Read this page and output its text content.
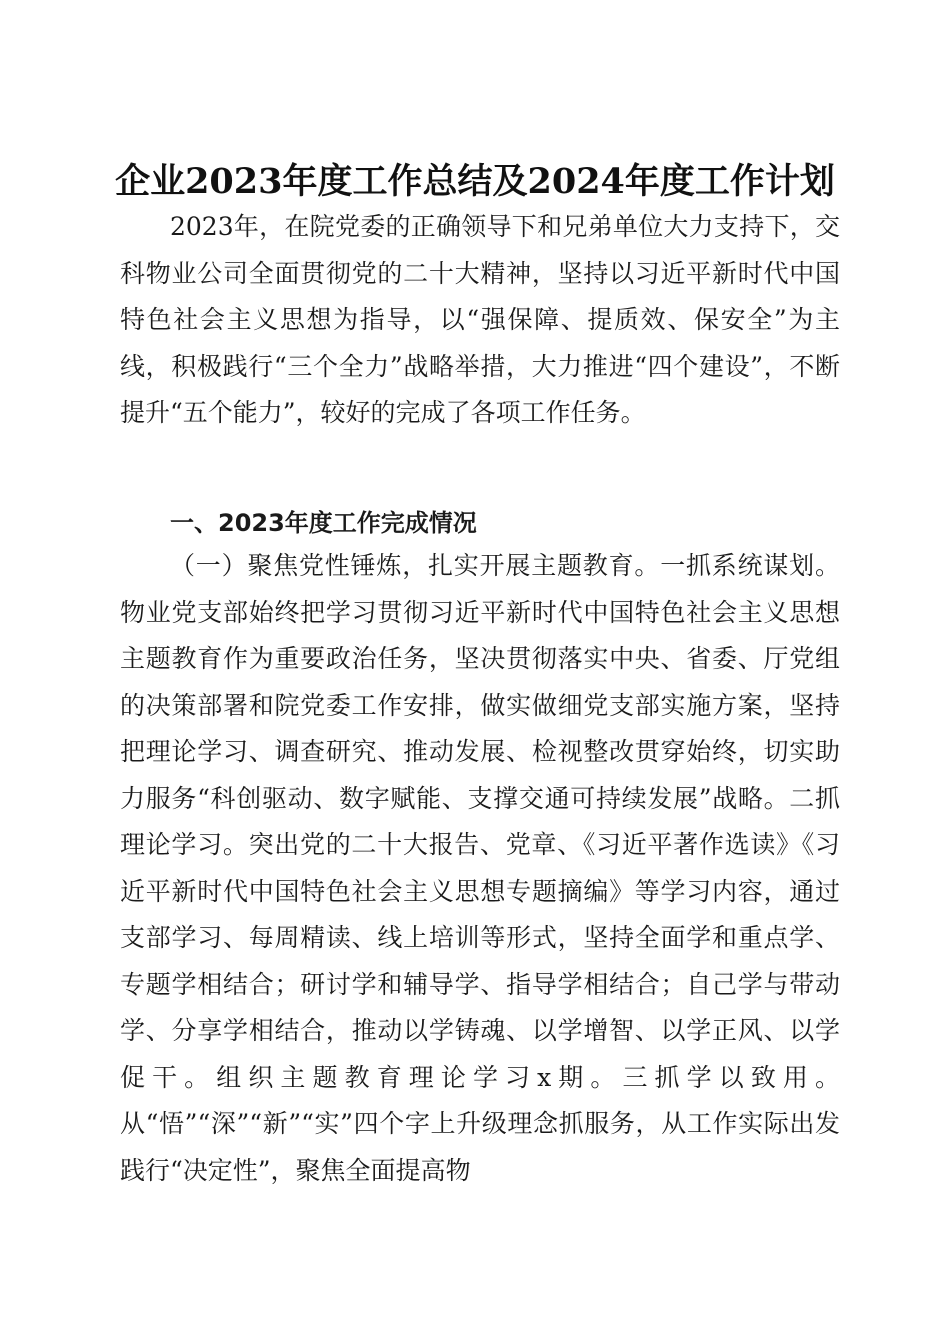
企业2023年度工作总结及2024年度工作计划

2023年，在院党委的正确领导下和兄弟单位大力支持下，交科物业公司全面贯彻党的二十大精神，坚持以习近平新时代中国特色社会主义思想为指导，以“强保障、提质效、保安全”为主线，积极践行“三个全力”战略举措，大力推进“四个建设”，不断提升“五个能力”，较好的完成了各项工作任务。

一、2023年度工作完成情况

（一）聚焦党性锤炼，扎实开展主题教育。一抓系统谋划。物业党支部始终把学习贯彻习近平新时代中国特色社会主义思想主题教育作为重要政治任务，坚决贯彻落实中央、省委、厅党组的决策部署和院党委工作安排，做实做细党支部实施方案，坚持把理论学习、调查研究、推动发展、检视整改贯穿始终，切实助力服务“科创驱动、数字赋能、支撑交通可持续发展”战略。二抓理论学习。突出党的二十大报告、党章、《习近平著作选读》《习近平新时代中国特色社会主义思想专题摘编》等学习内容，通过支部学习、每周精读、线上培训等形式，坚持全面学和重点学、专题学相结合；研讨学和辅导学、指导学相结合；自己学与带动学、分享学相结合，推动以学铸魂、以学增智、以学正风、以学促干。组织主题教育理论学习x期。三抓学以致用。从“悟”“深”“新”“实”四个字上升级理念抓服务，从工作实际出发践行“决定性”，聚焦全面提高物
